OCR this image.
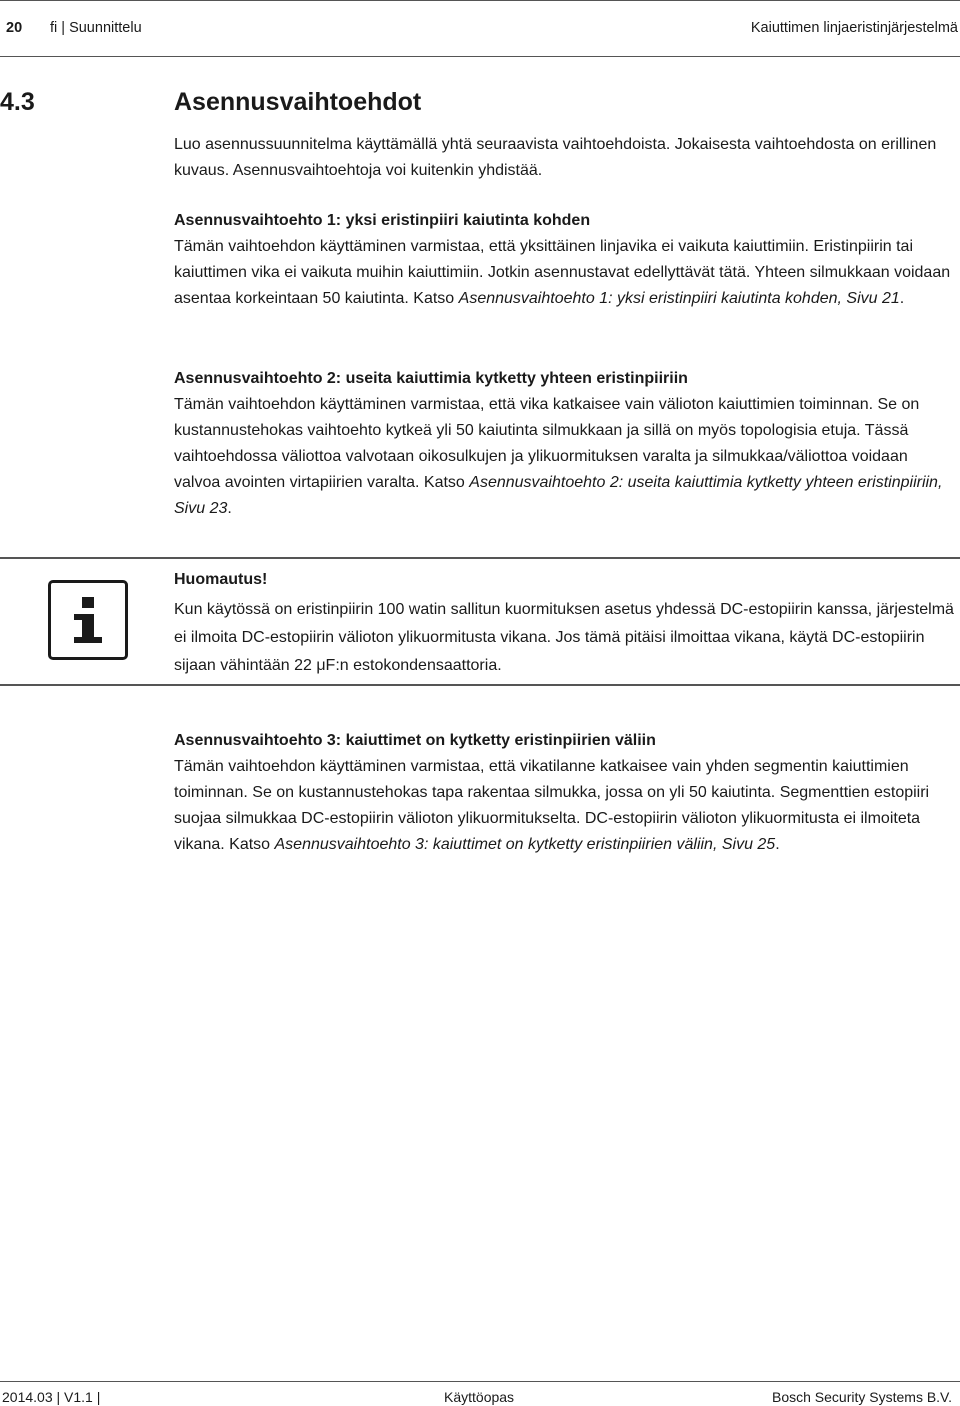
20 fi | Suunnittelu	Kaiuttimen linjaeristinjärjestelmä
4.3	Asennusvaihtoehdot

Luo asennussuunnitelma käyttämällä yhtä seuraavista vaihtoehdoista. Jokaisesta vaihtoehdosta on erillinen kuvaus. Asennusvaihtoehtoja voi kuitenkin yhdistää.

Asennusvaihtoehto 1: yksi eristinpiiri kaiutinta kohden

Tämän vaihtoehdon käyttäminen varmistaa, että yksittäinen linjavika ei vaikuta kaiuttimiin. Eristinpiirin tai kaiuttimen vika ei vaikuta muihin kaiuttimiin. Jotkin asennustavat edellyttävät tätä. Yhteen silmukkaan voidaan asentaa korkeintaan 50 kaiutinta. Katso Asennusvaihtoehto 1: yksi eristinpiiri kaiutinta kohden, Sivu 21.

Asennusvaihtoehto 2: useita kaiuttimia kytketty yhteen eristinpiiriin

Tämän vaihtoehdon käyttäminen varmistaa, että vika katkaisee vain välioton kaiuttimien toiminnan. Se on kustannustehokas vaihtoehto kytkeä yli 50 kaiutinta silmukkaan ja sillä on myös topologisia etuja. Tässä vaihtoehdossa väliottoa valvotaan oikosulkujen ja ylikuormituksen varalta ja silmukkaa/väliottoa voidaan valvoa avointen virtapiirien varalta. Katso Asennusvaihtoehto 2: useita kaiuttimia kytketty yhteen eristinpiiriin, Sivu 23.

Huomautus!
Kun käytössä on eristinpiirin 100 watin sallitun kuormituksen asetus yhdessä DC-estopiirin kanssa, järjestelmä ei ilmoita DC-estopiirin välioton ylikuormitusta vikana. Jos tämä pitäisi ilmoittaa vikana, käytä DC-estopiirin sijaan vähintään 22 μF:n estokondensaattoria.

Asennusvaihtoehto 3: kaiuttimet on kytketty eristinpiirien väliin

Tämän vaihtoehdon käyttäminen varmistaa, että vikatilanne katkaisee vain yhden segmentin kaiuttimien toiminnan. Se on kustannustehokas tapa rakentaa silmukka, jossa on yli 50 kaiutinta. Segmenttien estopiiri suojaa silmukkaa DC-estopiirin välioton ylikuormitukselta. DC-estopiirin välioton ylikuormitusta ei ilmoiteta vikana. Katso Asennusvaihtoehto 3: kaiuttimet on kytketty eristinpiirien väliin, Sivu 25.

2014.03 | V1.1 |	Käyttöopas	Bosch Security Systems B.V.
